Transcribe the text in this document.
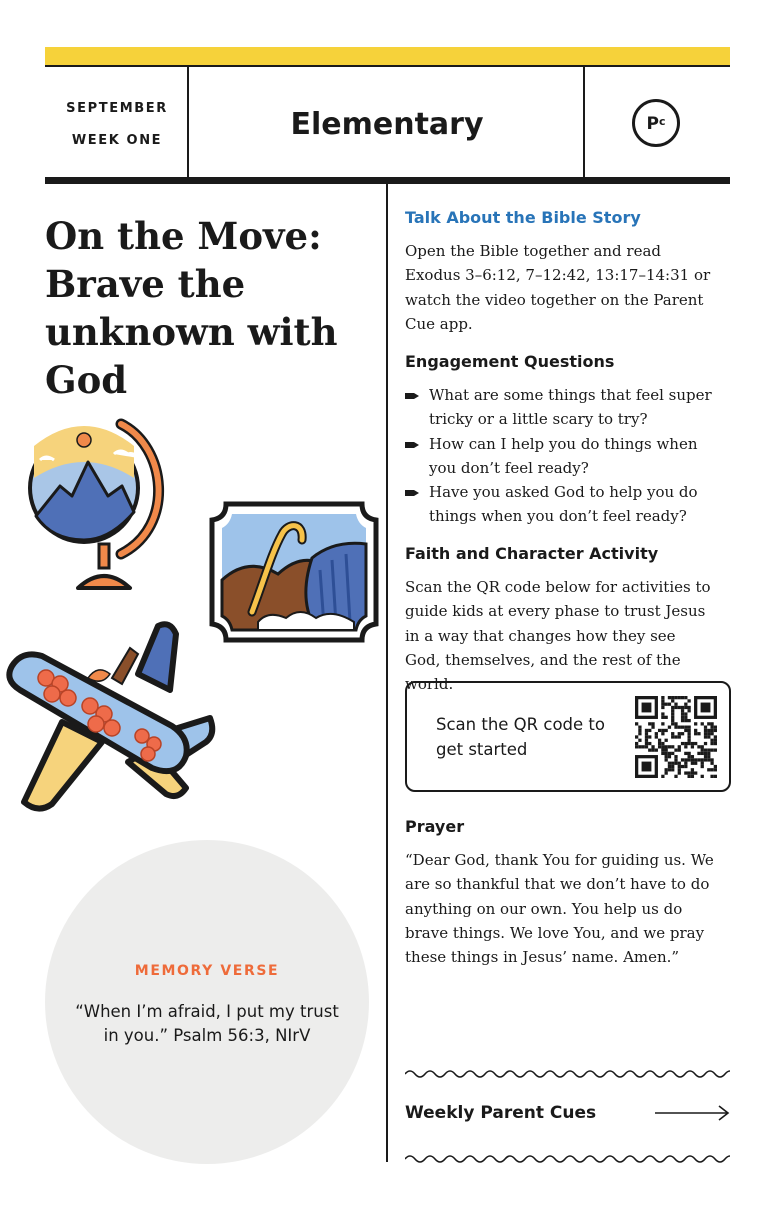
SEPTEMBER
WEEK ONE	Elementary	$P^c$
On the Move: Brave the unknown with God
MEMORY VERSE
“When I’m afraid, I put my trust in you.” Psalm 56:3, NIrV
Talk About the Bible Story
Open the Bible together and read
Exodus 3–6:12, 7–12:42, 13:17–14:31 or watch the video together on the Parent Cue app.
Engagement Questions
What are some things that feel super tricky or a little scary to try?
How can I help you do things when you don’t feel ready?
Have you asked God to help you do things when you don’t feel ready?
Faith and Character Activity
Scan the QR code below for activities to guide kids at every phase to trust Jesus in a way that changes how they see God, themselves, and the rest of the world.
Scan the QR code to get started
Prayer
“Dear God, thank You for guiding us. We are so thankful that we don’t have to do anything on our own. You help us do brave things. We love You, and we pray these things in Jesus’ name. Amen.”
Weekly Parent Cues
